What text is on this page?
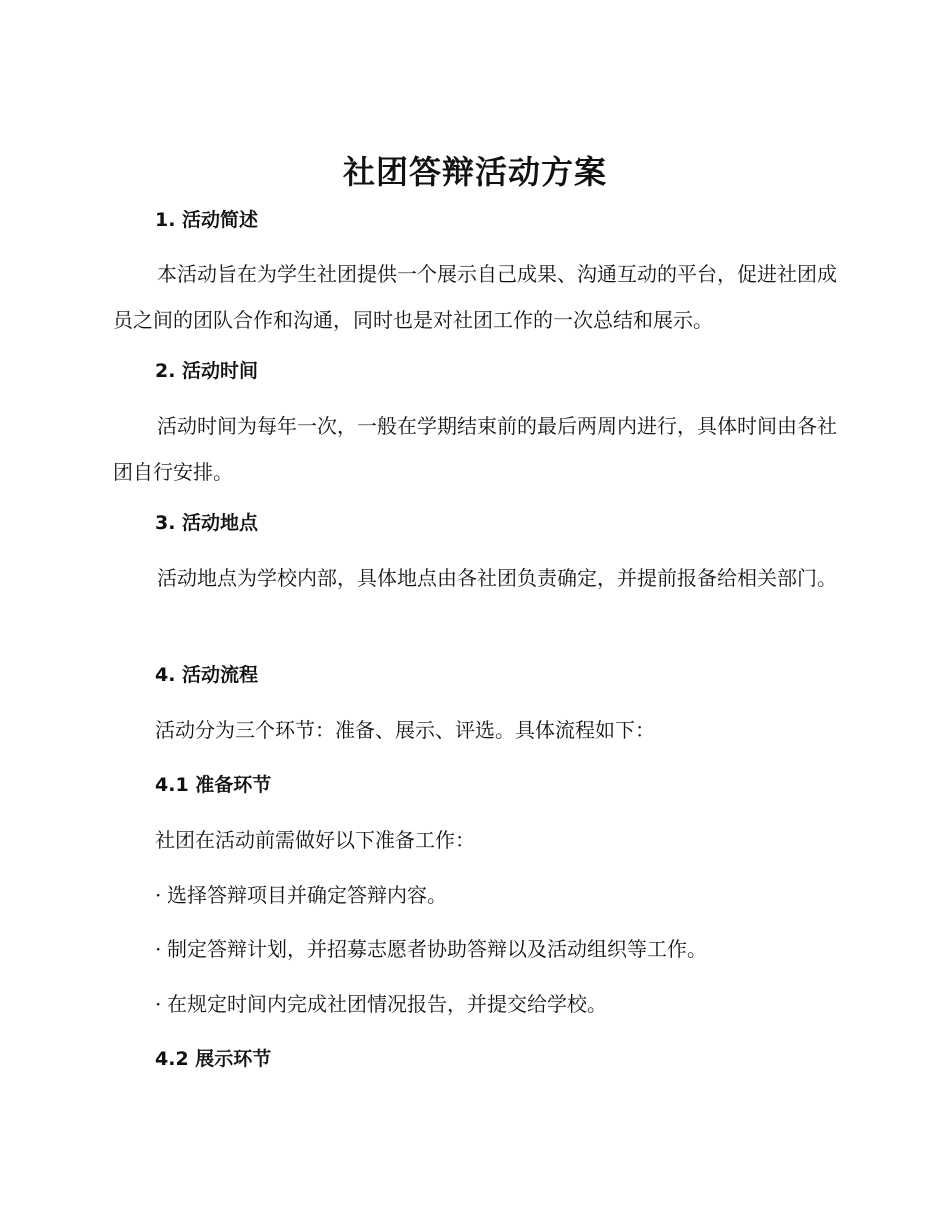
社团答辩活动方案
1. 活动简述

本活动旨在为学生社团提供一个展示自己成果、沟通互动的平台，促进社团成员之间的团队合作和沟通，同时也是对社团工作的一次总结和展示。

2. 活动时间

活动时间为每年一次，一般在学期结束前的最后两周内进行，具体时间由各社团自行安排。

3. 活动地点

活动地点为学校内部，具体地点由各社团负责确定，并提前报备给相关部门。

4. 活动流程

活动分为三个环节：准备、展示、评选。具体流程如下：

4.1 准备环节

社团在活动前需做好以下准备工作：

· 选择答辩项目并确定答辩内容。

· 制定答辩计划，并招募志愿者协助答辩以及活动组织等工作。

· 在规定时间内完成社团情况报告，并提交给学校。

4.2 展示环节
